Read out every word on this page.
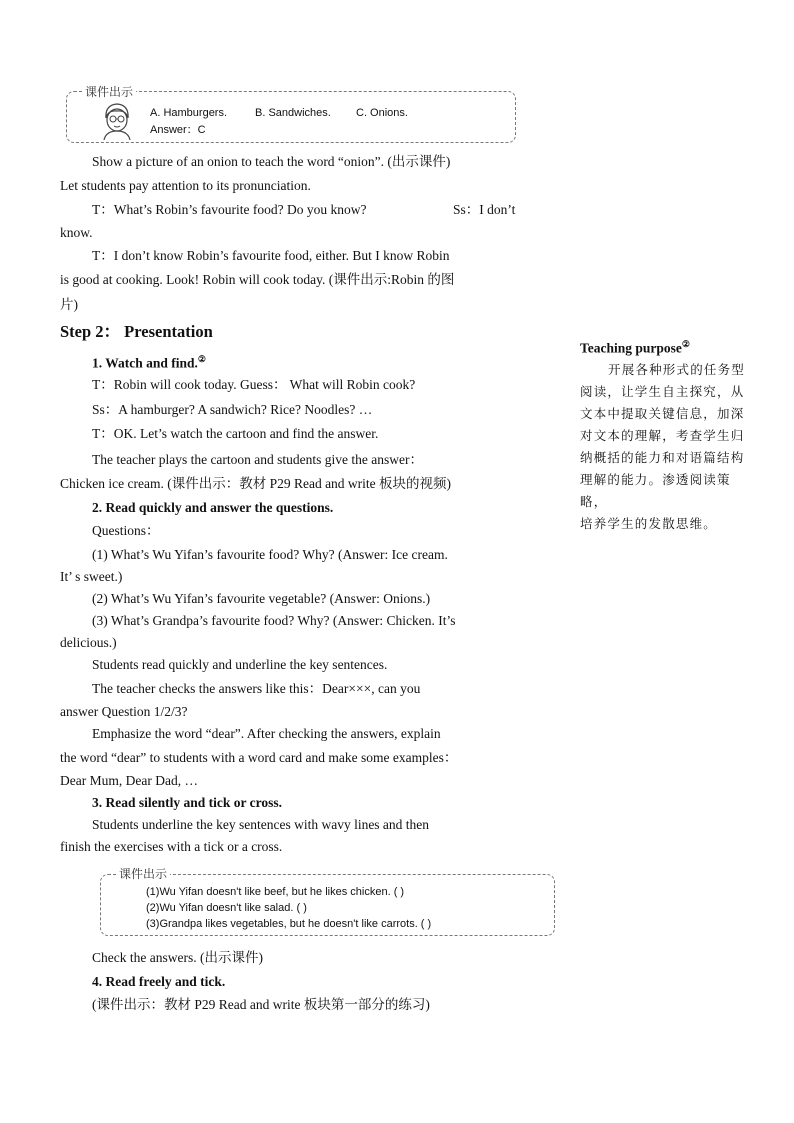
课件出示
A. Hamburgers.	B. Sandwiches. C. Onions.
Answer：C

Show a picture of an onion to teach the word “onion”. (出示课件)

Let students pay attention to its pronunciation.

T：What’s Robin’s favourite food? Do you know?	Ss：I don’t

know.

T：I don’t know Robin’s favourite food, either. But I know Robin

is good at cooking. Look! Robin will cook today. (课件出示:Robin 的图

片)

Step 2： Presentation

1. Watch and find.②

T：Robin will cook today. Guess： What will Robin cook?

Ss：A hamburger? A sandwich? Rice? Noodles? …

T：OK. Let’s watch the cartoon and find the answer.

The teacher plays the cartoon and students give the answer：

Chicken ice cream. (课件出示：教材 P29 Read and write 板块的视频)

2. Read quickly and answer the questions.

Questions：

(1) What’s Wu Yifan’s favourite food? Why? (Answer: Ice cream.

It’ s sweet.)

(2) What’s Wu Yifan’s favourite vegetable? (Answer: Onions.)

(3) What’s Grandpa’s favourite food? Why? (Answer: Chicken. It’s

delicious.)

Students read quickly and underline the key sentences.

The teacher checks the answers like this：Dear×××, can you

answer Question 1/2/3?

Emphasize the word “dear”. After checking the answers, explain

the word “dear” to students with a word card and make some examples：

Dear Mum, Dear Dad, …

3. Read silently and tick or cross.

Students underline the key sentences with wavy lines and then

finish the exercises with a tick or a cross.

课件出示
(1)Wu Yifan doesn't like beef, but he likes chicken. ( )
(2)Wu Yifan doesn't like salad. ( )
(3)Grandpa likes vegetables, but he doesn't like carrots. ( )

Check the answers. (出示课件)

4. Read freely and tick.

(课件出示：教材 P29 Read and write 板块第一部分的练习)

Teaching purpose②
开展各种形式的任务型
阅读，让学生自主探究，从
文本中提取关键信息，加深
对文本的理解，考查学生归
纳概括的能力和对语篇结构
理解的能力。渗透阅读策略，
培养学生的发散思维。
